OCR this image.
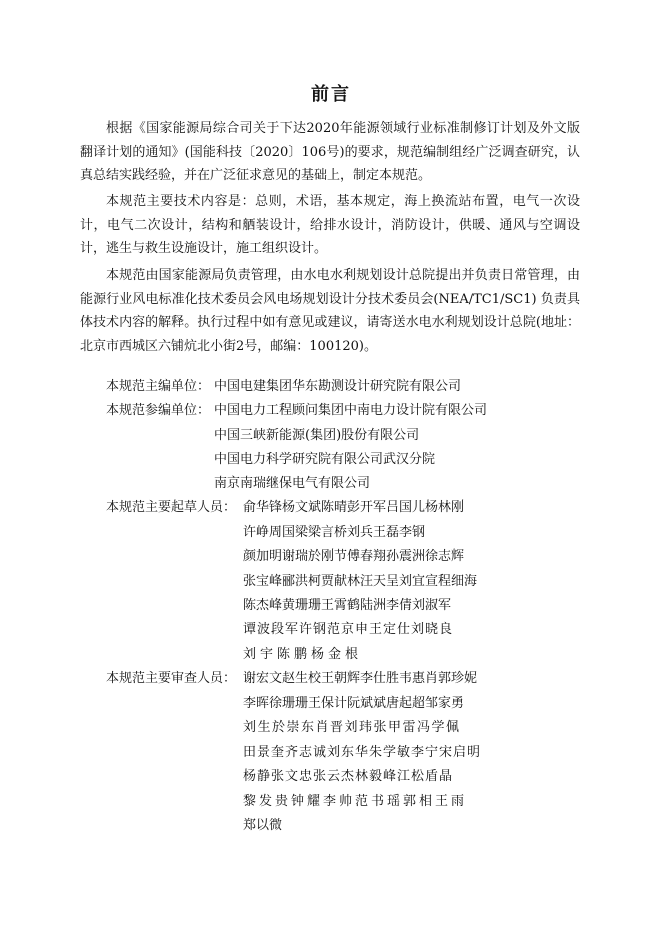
前言

根据《国家能源局综合司关于下达2020年能源领域行业标准制修订计划及外文版翻译计划的通知》(国能科技〔2020〕106号)的要求，规范编制组经广泛调查研究，认真总结实践经验，并在广泛征求意见的基础上，制定本规范。

本规范主要技术内容是：总则，术语，基本规定，海上换流站布置，电气一次设计，电气二次设计，结构和舾装设计，给排水设计，消防设计，供暖、通风与空调设计，逃生与救生设施设计，施工组织设计。

本规范由国家能源局负责管理，由水电水利规划设计总院提出并负责日常管理，由能源行业风电标准化技术委员会风电场规划设计分技术委员会(NEA/TC1/SC1) 负责具体技术内容的解释。执行过程中如有意见或建议，请寄送水电水利规划设计总院(地址：北京市西城区六铺炕北小街2号，邮编：100120)。

本规范主编单位： 中国电建集团华东勘测设计研究院有限公司
本规范参编单位： 中国电力工程顾问集团中南电力设计院有限公司
中国三峡新能源(集团)股份有限公司
中国电力科学研究院有限公司武汉分院
南京南瑞继保电气有限公司
本规范主要起草人员： 俞华锋杨文斌陈晴彭开军吕国儿杨林刚
许峥周国梁梁言桥刘兵王磊李钢
颜加明谢瑞於刚节傅春翔孙震洲徐志辉
张宝峰郦洪柯贾献林汪天呈刘宜宣程细海
陈杰峰黄珊珊王霄鹤陆洲李倩刘淑军
谭波段军许钢范京申王定仕刘晓良
刘宇陈鹏杨金根
本规范主要审查人员： 谢宏文赵生校王朝辉李仕胜韦惠肖郭珍妮
李晖徐珊珊王保计阮斌斌唐起超邹家勇
刘生於崇东肖晋刘玮张甲雷冯学佩
田景奎齐志诚刘东华朱学敏李宁宋启明
杨静张文忠张云杰林毅峰江松盾晶
黎发贵钟耀李帅范书瑶郭相王雨
郑以微
